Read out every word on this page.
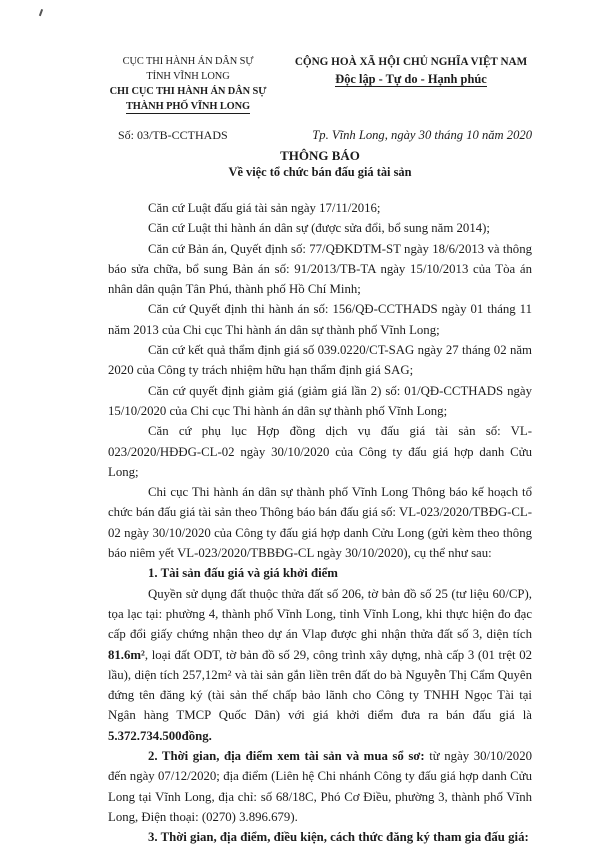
CỤC THI HÀNH ÁN DÂN SỰ
TỈNH VĨNH LONG
CHI CỤC THI HÀNH ÁN DÂN SỰ
THÀNH PHỐ VĨNH LONG
CỘNG HOÀ XÃ HỘI CHỦ NGHĨA VIỆT NAM
Độc lập - Tự do - Hạnh phúc
Số: 03/TB-CCTHADS	Tp. Vĩnh Long, ngày 30 tháng 10 năm 2020
THÔNG BÁO
Về việc tổ chức bán đấu giá tài sản

Căn cứ Luật đấu giá tài sản ngày 17/11/2016;

Căn cứ Luật thi hành án dân sự (được sửa đổi, bổ sung năm 2014);

Căn cứ Bản án, Quyết định số: 77/QĐKDTM-ST ngày 18/6/2013 và thông báo sửa chữa, bổ sung Bản án số: 91/2013/TB-TA ngày 15/10/2013 của Tòa án nhân dân quận Tân Phú, thành phố Hồ Chí Minh;

Căn cứ Quyết định thi hành án số: 156/QĐ-CCTHADS ngày 01 tháng 11 năm 2013 của Chi cục Thi hành án dân sự thành phố Vĩnh Long;

Căn cứ kết quả thẩm định giá số 039.0220/CT-SAG ngày 27 tháng 02 năm 2020 của Công ty trách nhiệm hữu hạn thẩm định giá SAG;

Căn cứ quyết định giảm giá (giảm giá lần 2) số: 01/QĐ-CCTHADS ngày 15/10/2020 của Chi cục Thi hành án dân sự thành phố Vĩnh Long;

Căn cứ phụ lục Hợp đồng dịch vụ đấu giá tài sản số: VL-023/2020/HĐĐG-CL-02 ngày 30/10/2020 của Công ty đấu giá hợp danh Cửu Long;

Chi cục Thi hành án dân sự thành phố Vĩnh Long Thông báo kế hoạch tổ chức bán đấu giá tài sản theo Thông báo bán đấu giá số: VL-023/2020/TBĐG-CL-02 ngày 30/10/2020 của Công ty đấu giá hợp danh Cửu Long (gửi kèm theo thông báo niêm yết VL-023/2020/TBBĐG-CL ngày 30/10/2020), cụ thể như sau:

1. Tài sản đấu giá và giá khởi điểm

Quyền sử dụng đất thuộc thửa đất số 206, tờ bản đồ số 25 (tư liệu 60/CP), tọa lạc tại: phường 4, thành phố Vĩnh Long, tỉnh Vĩnh Long, khi thực hiện đo đạc cấp đổi giấy chứng nhận theo dự án Vlap được ghi nhận thửa đất số 3, diện tích 81.6m², loại đất ODT, tờ bản đồ số 29, công trình xây dựng, nhà cấp 3 (01 trệt 02 lầu), diện tích 257,12m² và tài sản gắn liền trên đất do bà Nguyễn Thị Cẩm Quyên đứng tên đăng ký (tài sản thế chấp bảo lãnh cho Công ty TNHH Ngọc Tài tại Ngân hàng TMCP Quốc Dân) với giá khởi điểm đưa ra bán đấu giá là 5.372.734.500đồng.

2. Thời gian, địa điểm xem tài sản và mua sổ sơ: từ ngày 30/10/2020 đến ngày 07/12/2020; địa điểm (Liên hệ Chi nhánh Công ty đấu giá hợp danh Cửu Long tại Vĩnh Long, địa chỉ: số 68/18C, Phó Cơ Điều, phường 3, thành phố Vĩnh Long, Điện thoại: (0270) 3.896.679).

3. Thời gian, địa điểm, điều kiện, cách thức đăng ký tham gia đấu giá:
